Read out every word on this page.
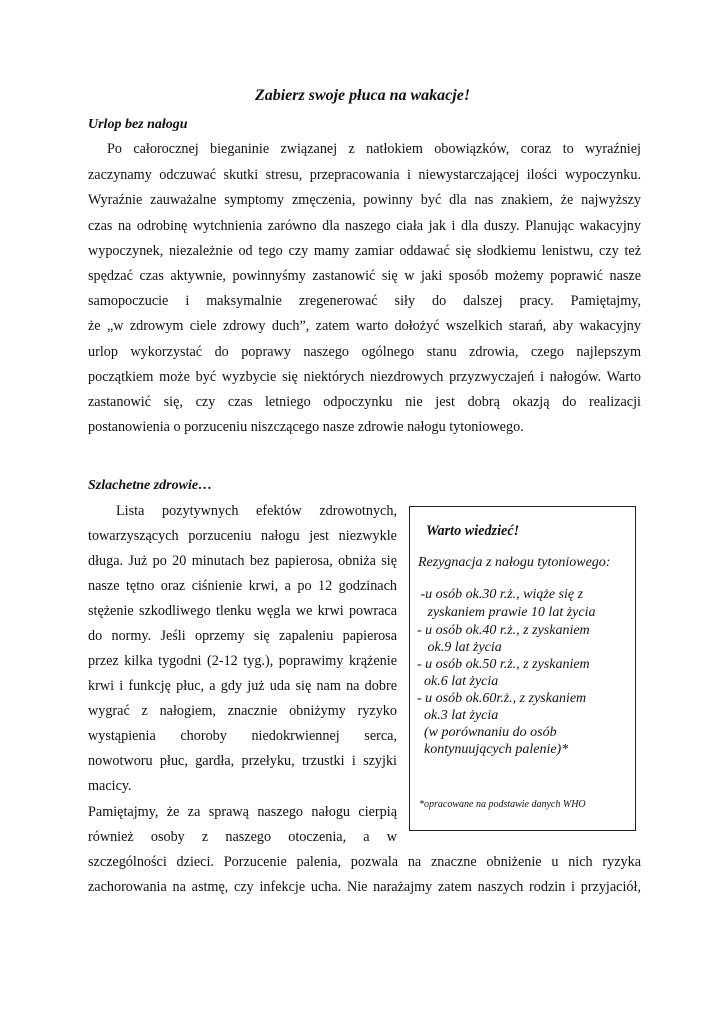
Zabierz swoje płuca na wakacje!
Urlop bez nałogu

Po całorocznej bieganinie związanej z natłokiem obowiązków, coraz to wyraźniej

zaczynamy odczuwać skutki stresu, przepracowania i niewystarczającej ilości wypoczynku.

Wyraźnie zauważalne symptomy zmęczenia, powinny być dla nas znakiem, że najwyższy

czas na odrobinę wytchnienia zarówno dla naszego ciała jak i dla duszy. Planując wakacyjny

wypoczynek, niezależnie od tego czy mamy zamiar oddawać się słodkiemu lenistwu, czy też

spędzać czas aktywnie, powinnyśmy zastanowić się w jaki sposób możemy poprawić nasze

samopoczucie i maksymalnie zregenerować siły do dalszej pracy. Pamiętajmy,

że „w zdrowym ciele zdrowy duch”, zatem warto dołożyć wszelkich starań, aby wakacyjny

urlop wykorzystać do poprawy naszego ogólnego stanu zdrowia, czego najlepszym

początkiem może być wyzbycie się niektórych niezdrowych przyzwyczajeń i nałogów. Warto

zastanowić się, czy czas letniego odpoczynku nie jest dobrą okazją do realizacji

postanowienia o porzuceniu niszczącego nasze zdrowie nałogu tytoniowego.

Szlachetne zdrowie…

Lista pozytywnych efektów zdrowotnych,

towarzyszących porzuceniu nałogu jest niezwykle

długa. Już po 20 minutach bez papierosa, obniża się

nasze tętno oraz ciśnienie krwi, a po 12 godzinach

stężenie szkodliwego tlenku węgla we krwi powraca

do normy. Jeśli oprzemy się zapaleniu papierosa

przez kilka tygodni (2-12 tyg.), poprawimy krążenie

krwi i funkcję płuc, a gdy już uda się nam na dobre

wygrać z nałogiem, znacznie obniżymy ryzyko

wystąpienia choroby niedokrwiennej serca,

nowotworu płuc, gardła, przełyku, trzustki i szyjki

macicy.

Pamiętajmy, że za sprawą naszego nałogu cierpią

również osoby z naszego otoczenia, a w

szczególności dzieci. Porzucenie palenia, pozwala na znaczne obniżenie u nich ryzyka

zachorowania na astmę, czy infekcje ucha. Nie narażajmy zatem naszych rodzin i przyjaciół,

Warto wiedzieć!

Rezygnacja z nałogu tytoniowego:

-u osób ok.30 r.ż., wiąże się z

zyskaniem prawie 10 lat życia

- u osób ok.40 r.ż., z zyskaniem

ok.9 lat życia

- u osób ok.50 r.ż., z zyskaniem

ok.6 lat życia

- u osób ok.60r.ż., z zyskaniem

ok.3 lat życia

(w porównaniu do osób

kontynuujących palenie)*

*opracowane na podstawie danych WHO
